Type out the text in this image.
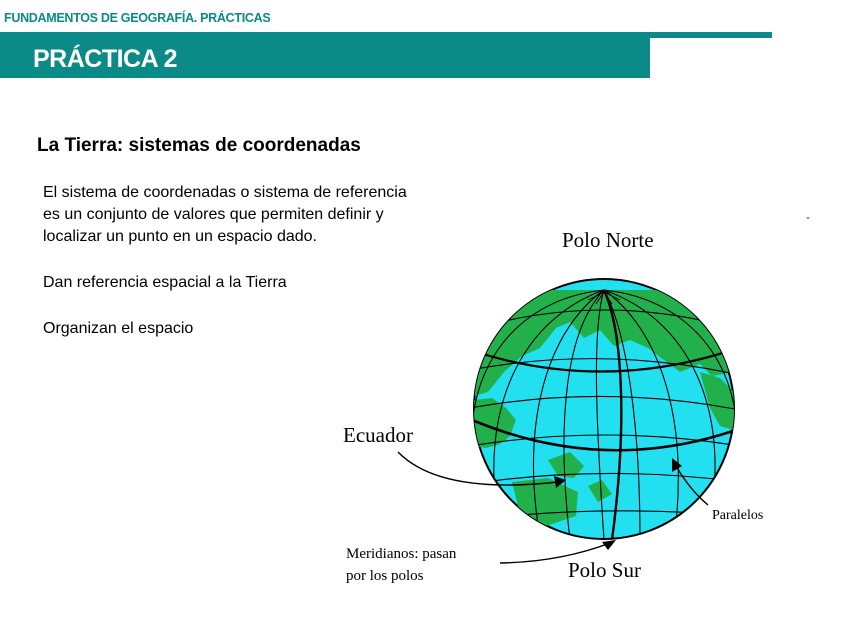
FUNDAMENTOS DE GEOGRAFÍA. PRÁCTICAS
PRÁCTICA 2
La Tierra: sistemas de coordenadas
El sistema de coordenadas o sistema de referencia
es un conjunto de valores que permiten definir y
localizar un punto en un espacio dado.
Dan referencia espacial a la Tierra
Organizan el espacio
-
Polo Norte
Polo Sur
Ecuador
Paralelos
Meridianos: pasan
por los polos
